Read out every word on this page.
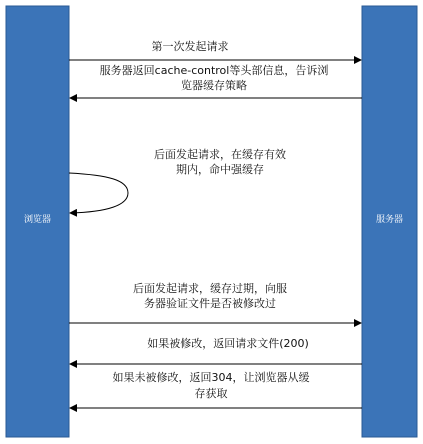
浏览器	服务器
第一次发起请求
服务器返回cache-control等头部信息，告诉浏
览器缓存策略
后面发起请求，在缓存有效
期内，命中强缓存
后面发起请求，缓存过期，向服
务器验证文件是否被修改过
如果被修改，返回请求文件(200)
如果未被修改，返回304，让浏览器从缓
存获取
